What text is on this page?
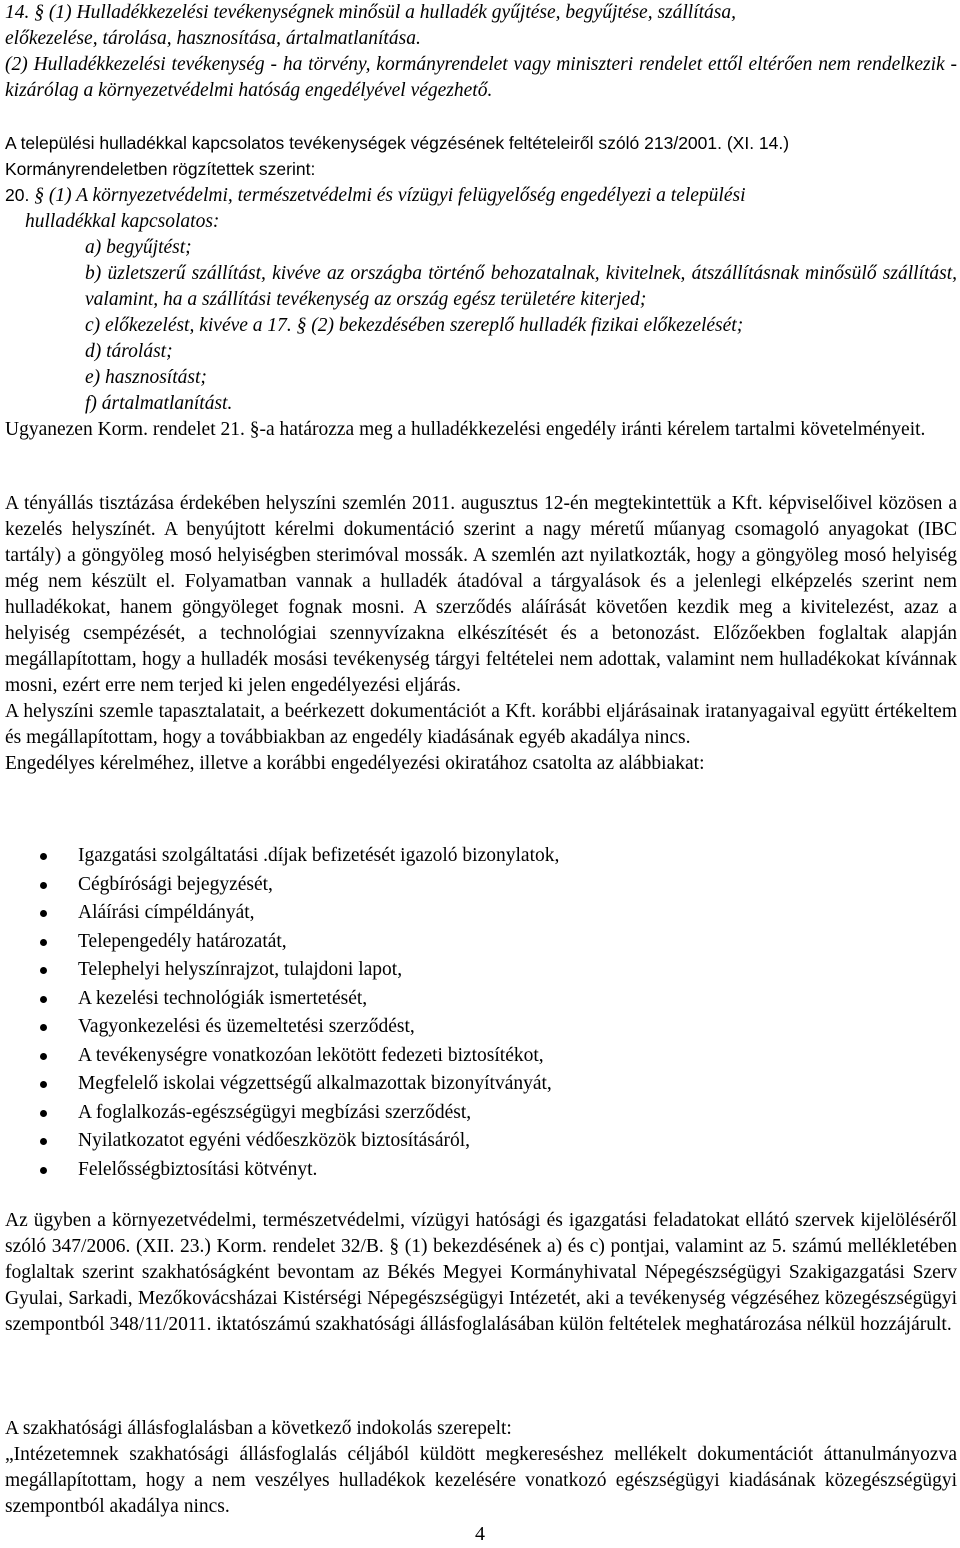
14. § (1) Hulladékkezelési tevékenységnek minősül a hulladék gyűjtése, begyűjtése, szállítása,

előkezelése, tárolása, hasznosítása, ártalmatlanítása.

(2) Hulladékkezelési tevékenység - ha törvény, kormányrendelet vagy miniszteri rendelet ettől eltérően nem rendelkezik - kizárólag a környezetvédelmi hatóság engedélyével végezhető.

A települési hulladékkal kapcsolatos tevékenységek végzésének feltételeiről szóló 213/2001. (XI. 14.)

Kormányrendeletben rögzítettek szerint:

20. § (1) A környezetvédelmi, természetvédelmi és vízügyi felügyelőség engedélyezi a települési

hulladékkal kapcsolatos:

a) begyűjtést;

b) üzletszerű szállítást, kivéve az országba történő behozatalnak, kivitelnek, átszállításnak minősülő szállítást, valamint, ha a szállítási tevékenység az ország egész területére kiterjed;

c) előkezelést, kivéve a 17. § (2) bekezdésében szereplő hulladék fizikai előkezelését;

d) tárolást;

e) hasznosítást;

f) ártalmatlanítást.

Ugyanezen Korm. rendelet 21. §-a határozza meg a hulladékkezelési engedély iránti kérelem tartalmi követelményeit.

A tényállás tisztázása érdekében helyszíni szemlén 2011. augusztus 12-én megtekintettük a Kft. képviselőivel közösen a kezelés helyszínét. A benyújtott kérelmi dokumentáció szerint a nagy méretű műanyag csomagoló anyagokat (IBC tartály) a göngyöleg mosó helyiségben sterimóval mossák. A szemlén azt nyilatkozták, hogy a göngyöleg mosó helyiség még nem készült el. Folyamatban vannak a hulladék átadóval a tárgyalások és a jelenlegi elképzelés szerint nem hulladékokat, hanem göngyöleget fognak mosni. A szerződés aláírását követően kezdik meg a kivitelezést, azaz a helyiség csempézését, a technológiai szennyvízakna elkészítését és a betonozást. Előzőekben foglaltak alapján megállapítottam, hogy a hulladék mosási tevékenység tárgyi feltételei nem adottak, valamint nem hulladékokat kívánnak mosni, ezért erre nem terjed ki jelen engedélyezési eljárás.

A helyszíni szemle tapasztalatait, a beérkezett dokumentációt a Kft. korábbi eljárásainak iratanyagaival együtt értékeltem és megállapítottam, hogy a továbbiakban az engedély kiadásának egyéb akadálya nincs.

Engedélyes kérelméhez, illetve a korábbi engedélyezési okiratához csatolta az alábbiakat:

Igazgatási szolgáltatási .díjak befizetését igazoló bizonylatok,
Cégbírósági bejegyzését,
Aláírási címpéldányát,
Telepengedély határozatát,
Telephelyi helyszínrajzot, tulajdoni lapot,
A kezelési technológiák ismertetését,
Vagyonkezelési és üzemeltetési szerződést,
A tevékenységre vonatkozóan lekötött fedezeti biztosítékot,
Megfelelő iskolai végzettségű alkalmazottak bizonyítványát,
A foglalkozás-egészségügyi megbízási szerződést,
Nyilatkozatot egyéni védőeszközök biztosításáról,
Felelősségbiztosítási kötvényt.

Az ügyben a környezetvédelmi, természetvédelmi, vízügyi hatósági és igazgatási feladatokat ellátó szervek kijelöléséről szóló 347/2006. (XII. 23.) Korm. rendelet 32/B. § (1) bekezdésének a) és c) pontjai, valamint az 5. számú mellékletében foglaltak szerint szakhatóságként bevontam az Békés Megyei Kormányhivatal Népegészségügyi Szakigazgatási Szerv Gyulai, Sarkadi, Mezőkovácsházai Kistérségi Népegészségügyi Intézetét, aki a tevékenység végzéséhez közegészségügyi szempontból 348/11/2011. iktatószámú szakhatósági állásfoglalásában külön feltételek meghatározása nélkül hozzájárult.

A szakhatósági állásfoglalásban a következő indokolás szerepelt:

„Intézetemnek szakhatósági állásfoglalás céljából küldött megkereséshez mellékelt dokumentációt áttanulmányozva megállapítottam, hogy a nem veszélyes hulladékok kezelésére vonatkozó egészségügyi kiadásának közegészségügyi szempontból akadálya nincs.

4
